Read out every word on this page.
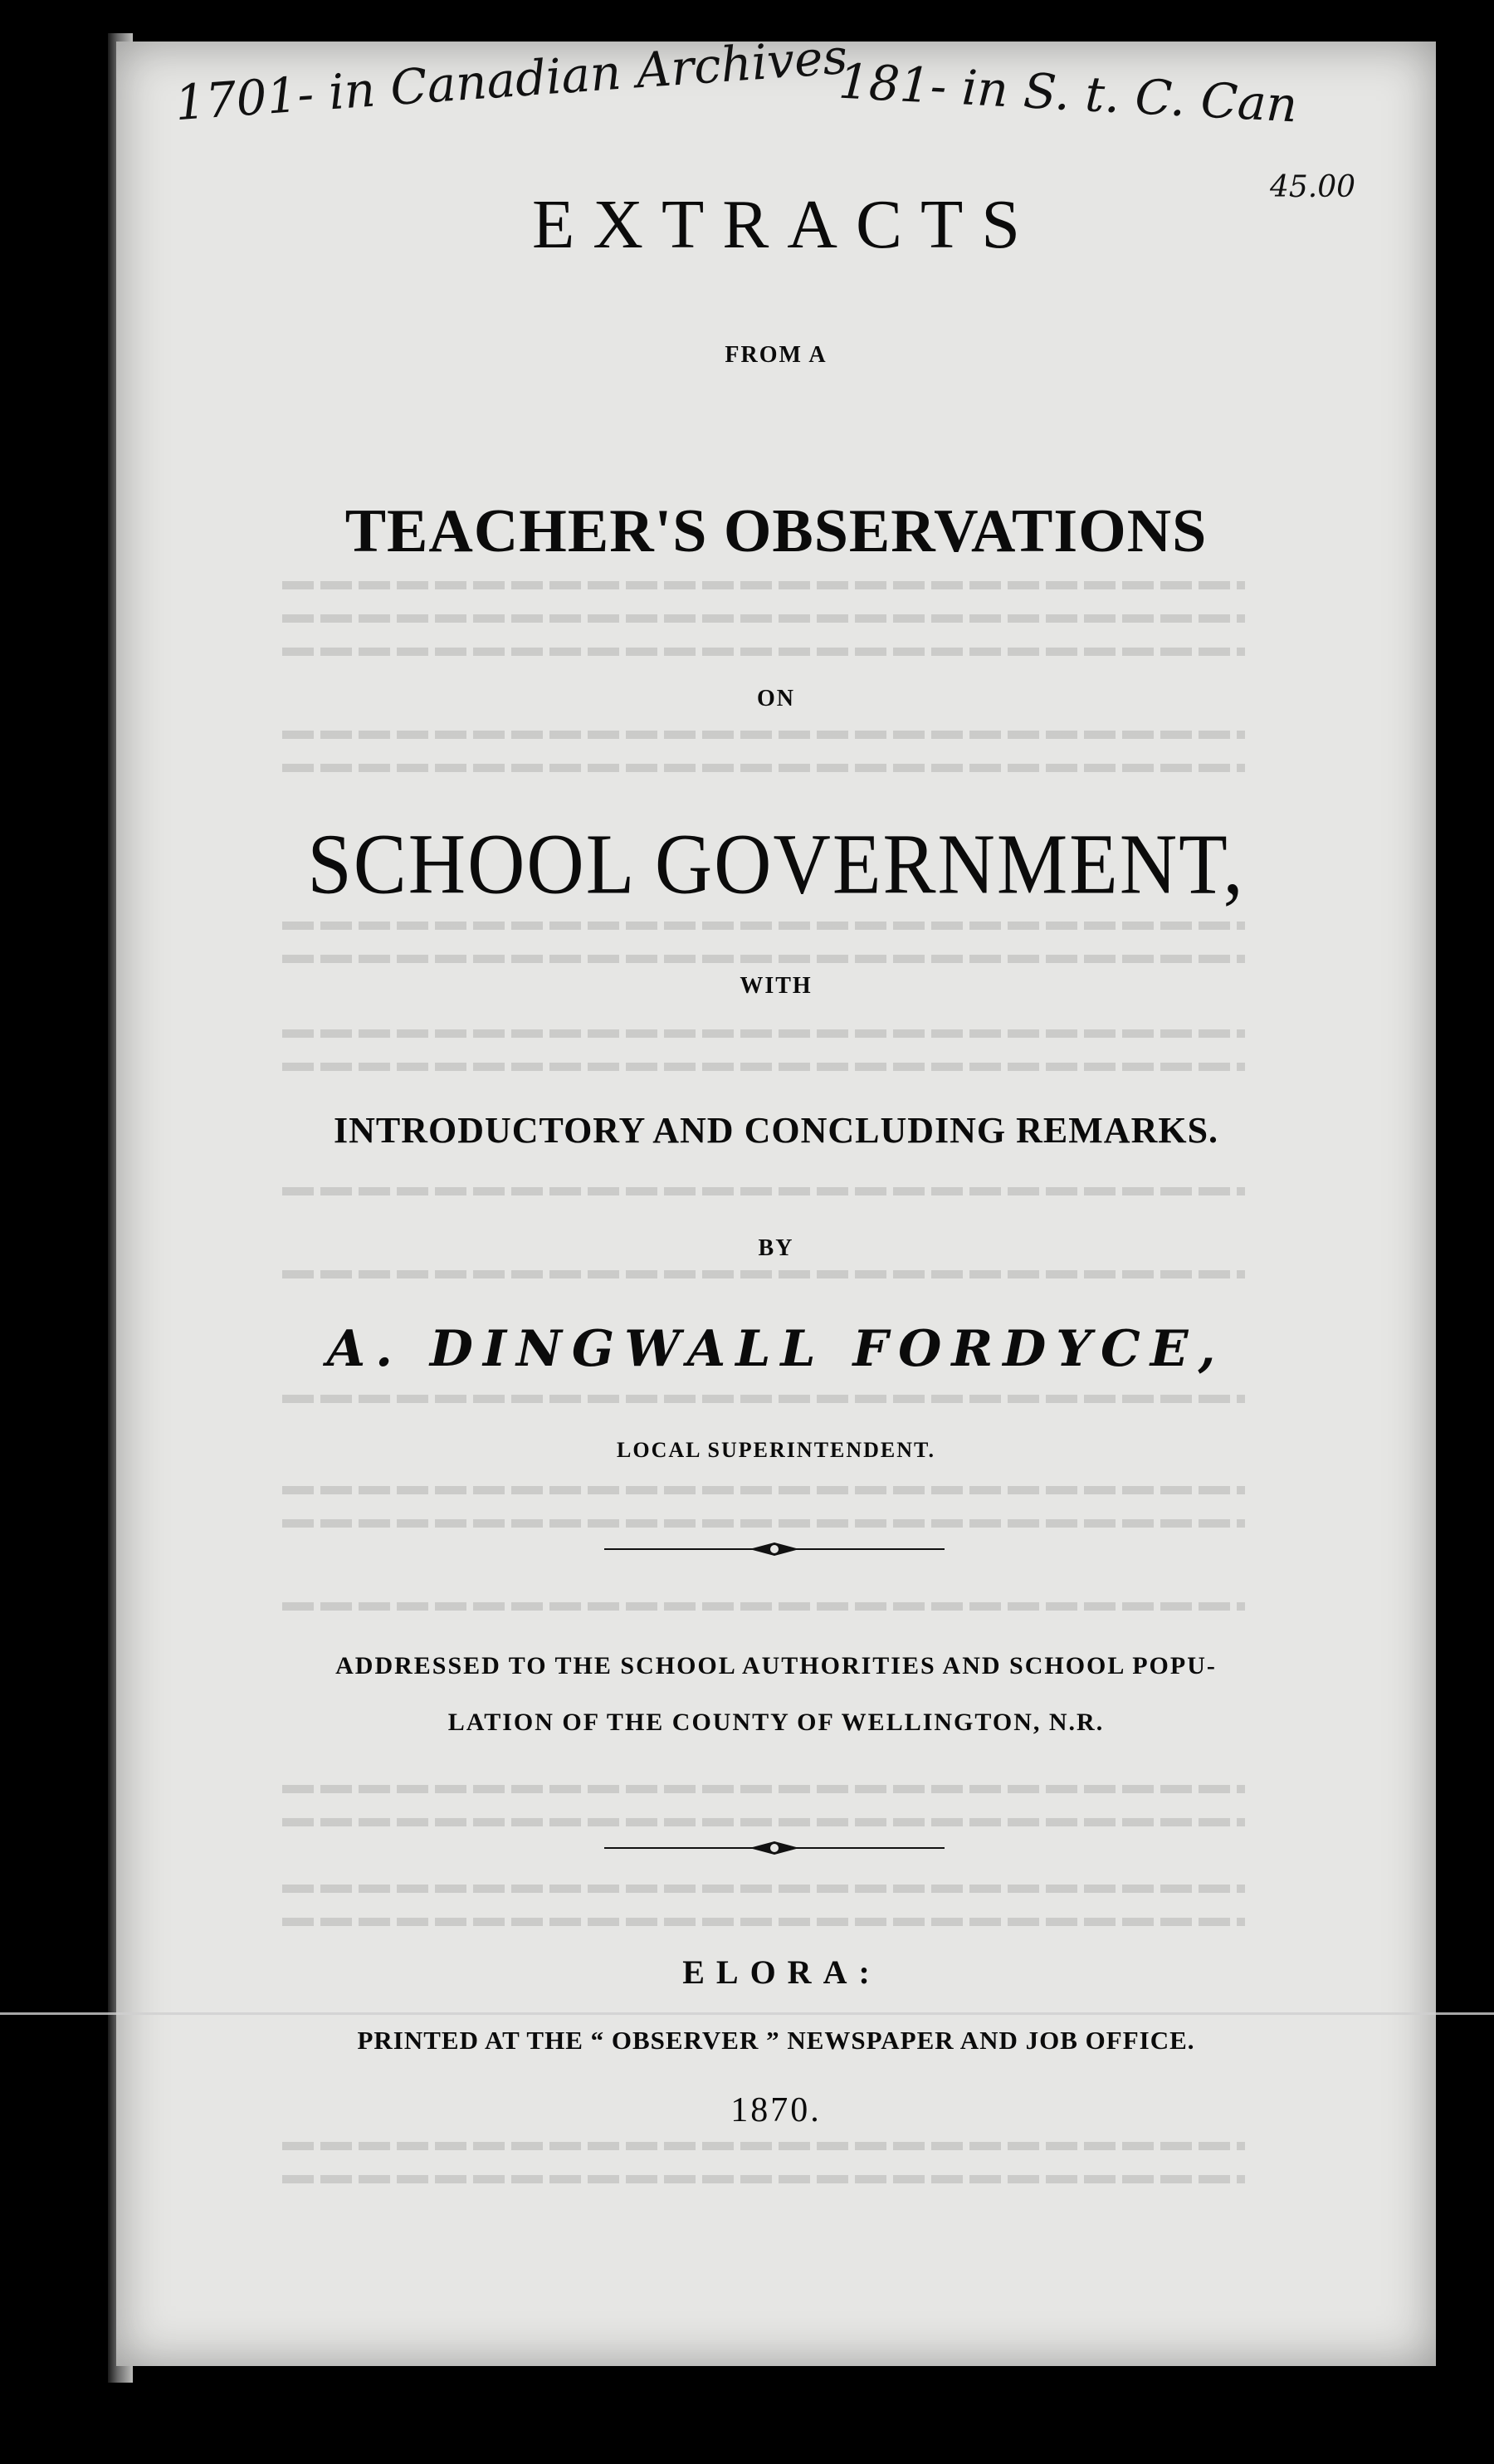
1701- in Canadian Archives
181- in S. t. C. Can
45.00
EXTRACTS
FROM A
TEACHER'S OBSERVATIONS
ON
SCHOOL GOVERNMENT,
WITH
INTRODUCTORY AND CONCLUDING REMARKS.
BY
A. DINGWALL FORDYCE,
LOCAL SUPERINTENDENT.
ADDRESSED TO THE SCHOOL AUTHORITIES AND SCHOOL POPU-
LATION OF THE COUNTY OF WELLINGTON, N.R.
ELORA:
PRINTED AT THE “ OBSERVER ” NEWSPAPER AND JOB OFFICE.
1870.
